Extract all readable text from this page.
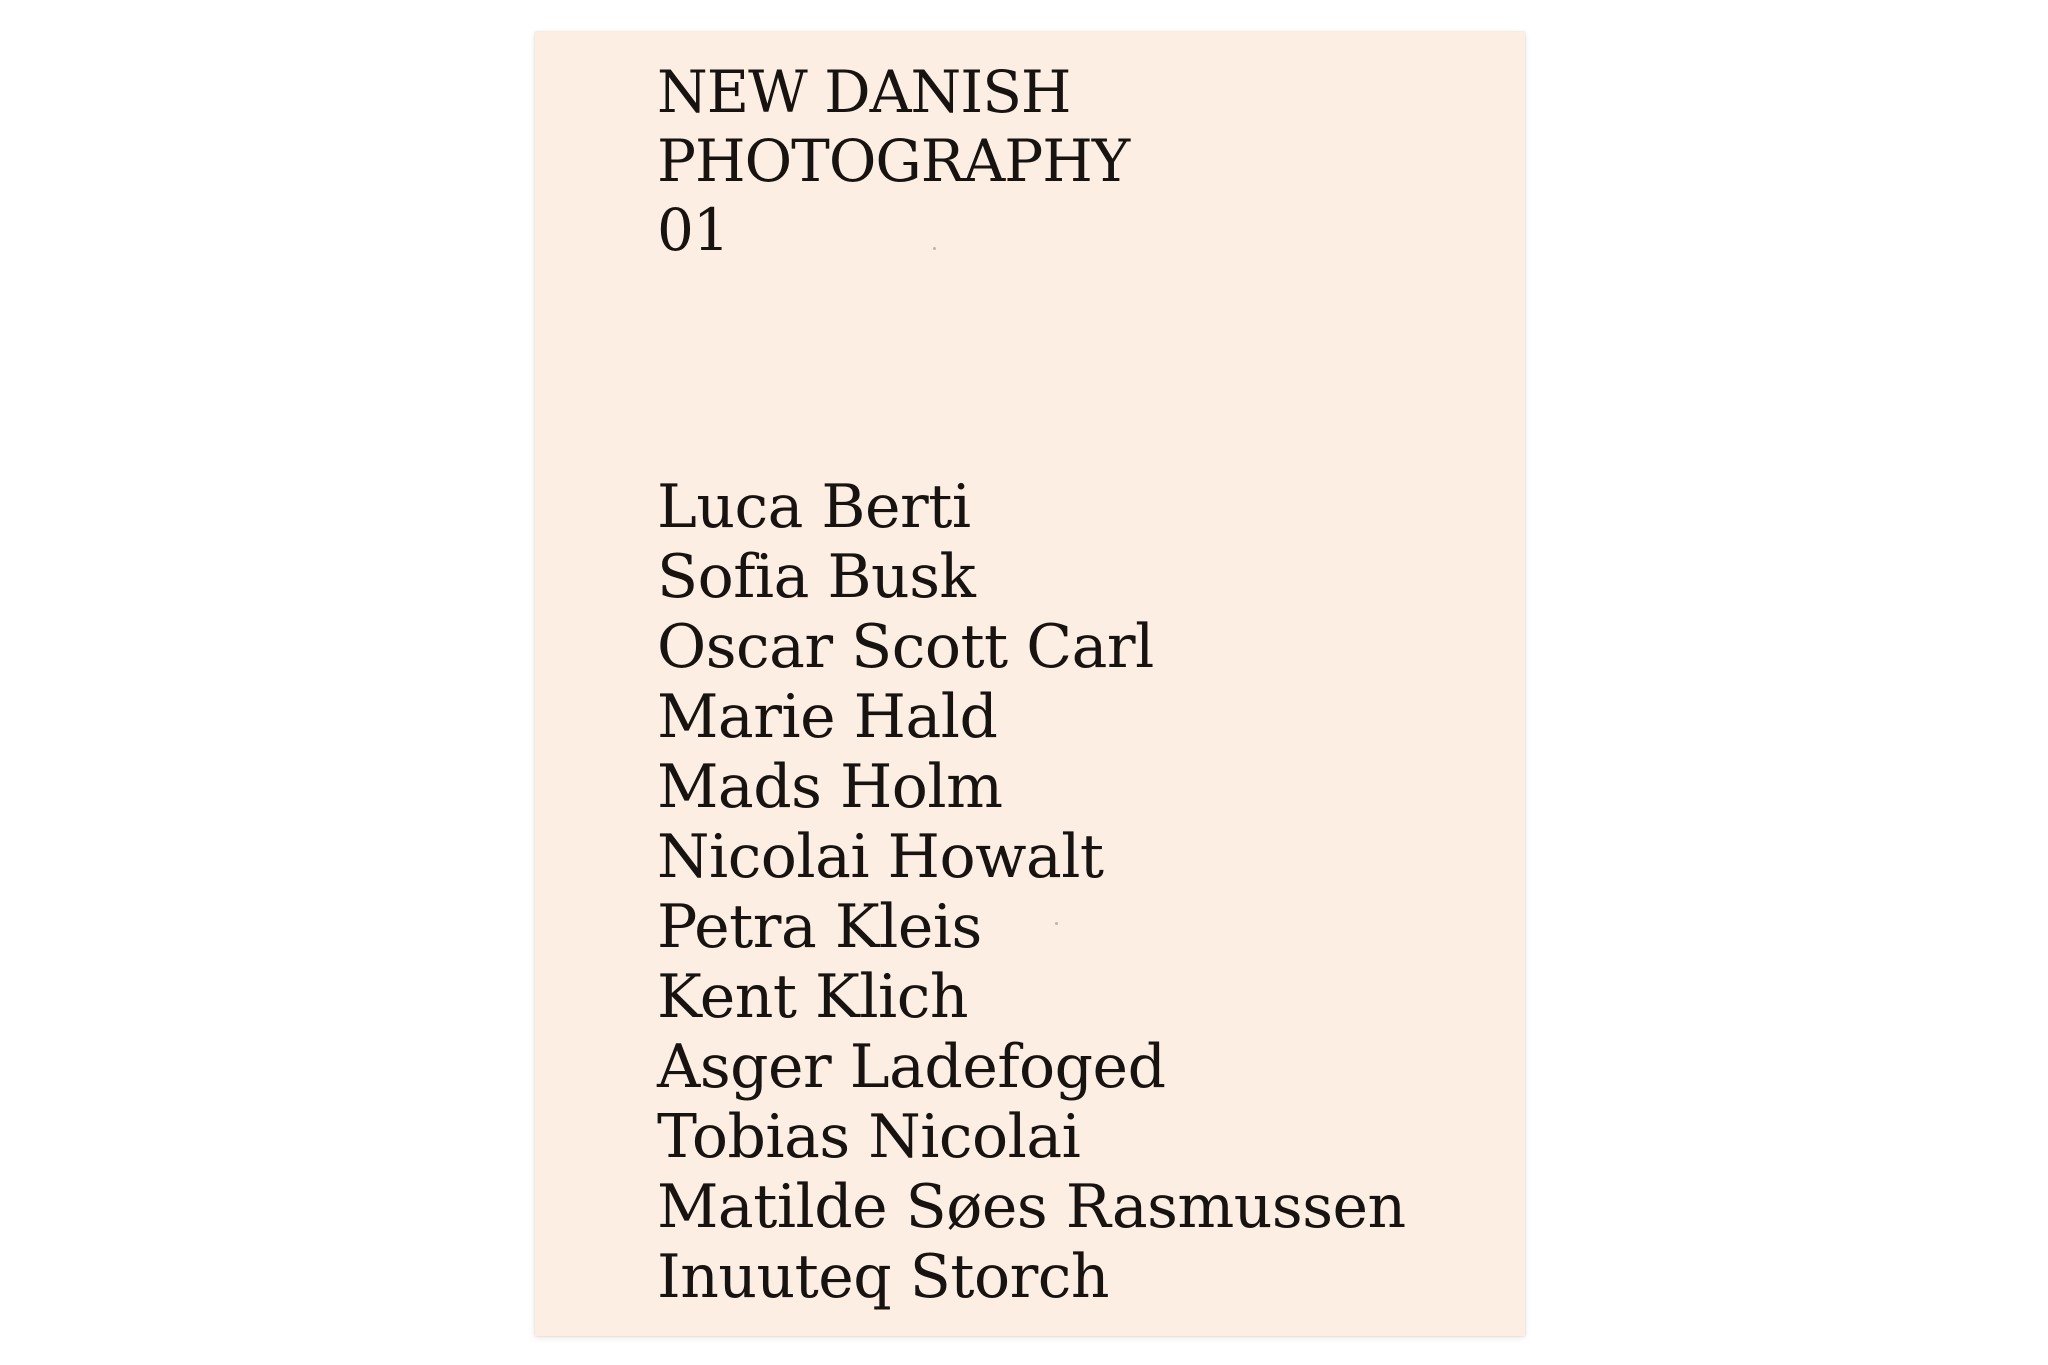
NEW DANISH
PHOTOGRAPHY
01
Luca Berti
Sofia Busk
Oscar Scott Carl
Marie Hald
Mads Holm
Nicolai Howalt
Petra Kleis
Kent Klich
Asger Ladefoged
Tobias Nicolai
Matilde Søes Rasmussen
Inuuteq Storch
